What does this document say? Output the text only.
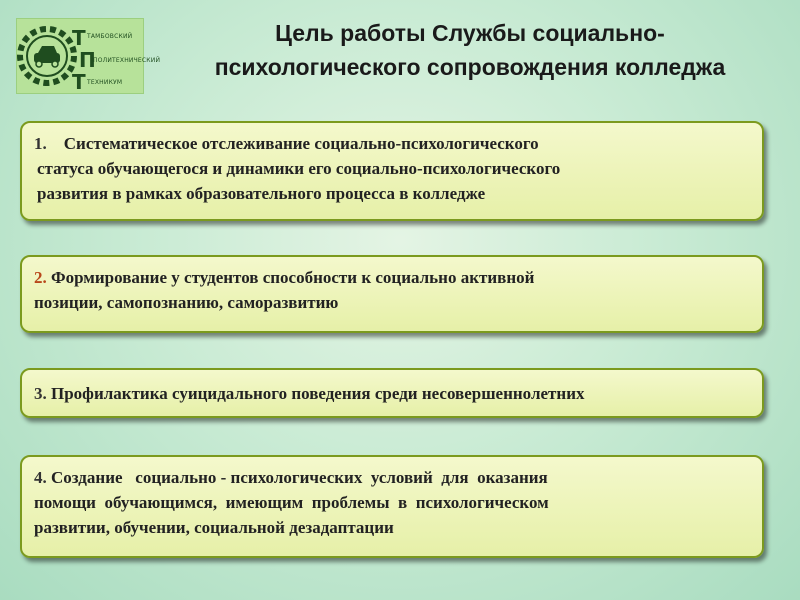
Т
П
Т
ТАМБОВСКИЙ
ПОЛИТЕХНИЧЕСКИЙ
ТЕХНИКУМ
Цель работы Службы социально-
психологического сопровождения колледжа
1. Систематическое отслеживание социально-психологического
статуса обучающегося и динамики его социально-психологического
развития в рамках образовательного процесса в колледже
2. Формирование у студентов способности к социально активной
позиции, самопознанию, саморазвитию
3. Профилактика суицидального поведения среди несовершеннолетних
4. Создание   социально - психологических  условий  для  оказания
помощи  обучающимся,  имеющим  проблемы  в  психологическом
развитии, обучении, социальной дезадаптации
